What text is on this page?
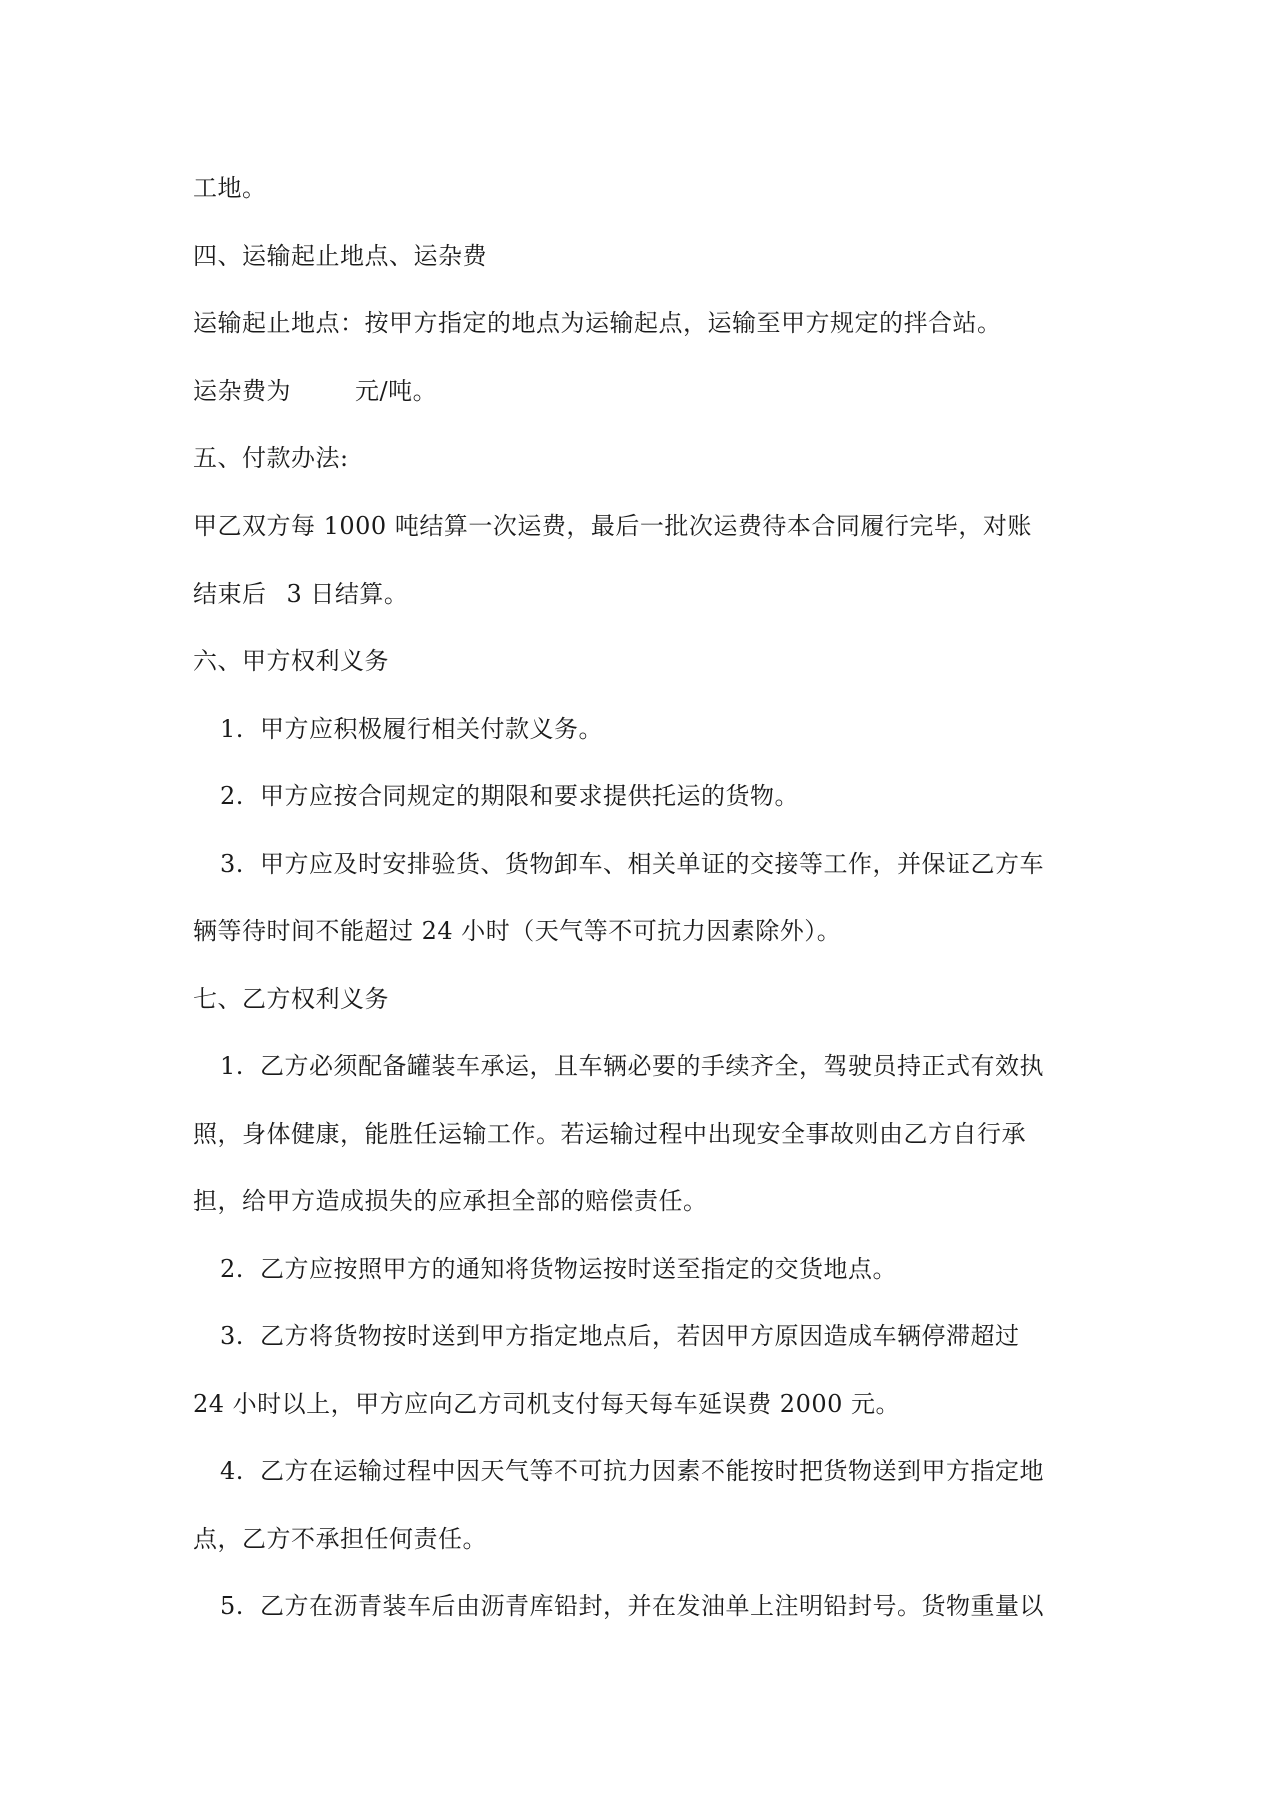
工地。
四、运输起止地点、运杂费
运输起止地点：按甲方指定的地点为运输起点，运输至甲方规定的拌合站。
运杂费为	元/吨。
五、付款办法:
甲乙双方每 1000 吨结算一次运费，最后一批次运费待本合同履行完毕，对账
结束后 3 日结算。
六、甲方权利义务
1. 甲方应积极履行相关付款义务。
2. 甲方应按合同规定的期限和要求提供托运的货物。
3. 甲方应及时安排验货、货物卸车、相关单证的交接等工作，并保证乙方车
辆等待时间不能超过 24 小时（天气等不可抗力因素除外）。
七、乙方权利义务
1. 乙方必须配备罐装车承运，且车辆必要的手续齐全，驾驶员持正式有效执
照，身体健康，能胜任运输工作。若运输过程中出现安全事故则由乙方自行承
担，给甲方造成损失的应承担全部的赔偿责任。
2. 乙方应按照甲方的通知将货物运按时送至指定的交货地点。
3. 乙方将货物按时送到甲方指定地点后，若因甲方原因造成车辆停滞超过
24 小时以上，甲方应向乙方司机支付每天每车延误费 2000 元。
4. 乙方在运输过程中因天气等不可抗力因素不能按时把货物送到甲方指定地
点，乙方不承担任何责任。
5. 乙方在沥青装车后由沥青库铅封，并在发油单上注明铅封号。货物重量以
